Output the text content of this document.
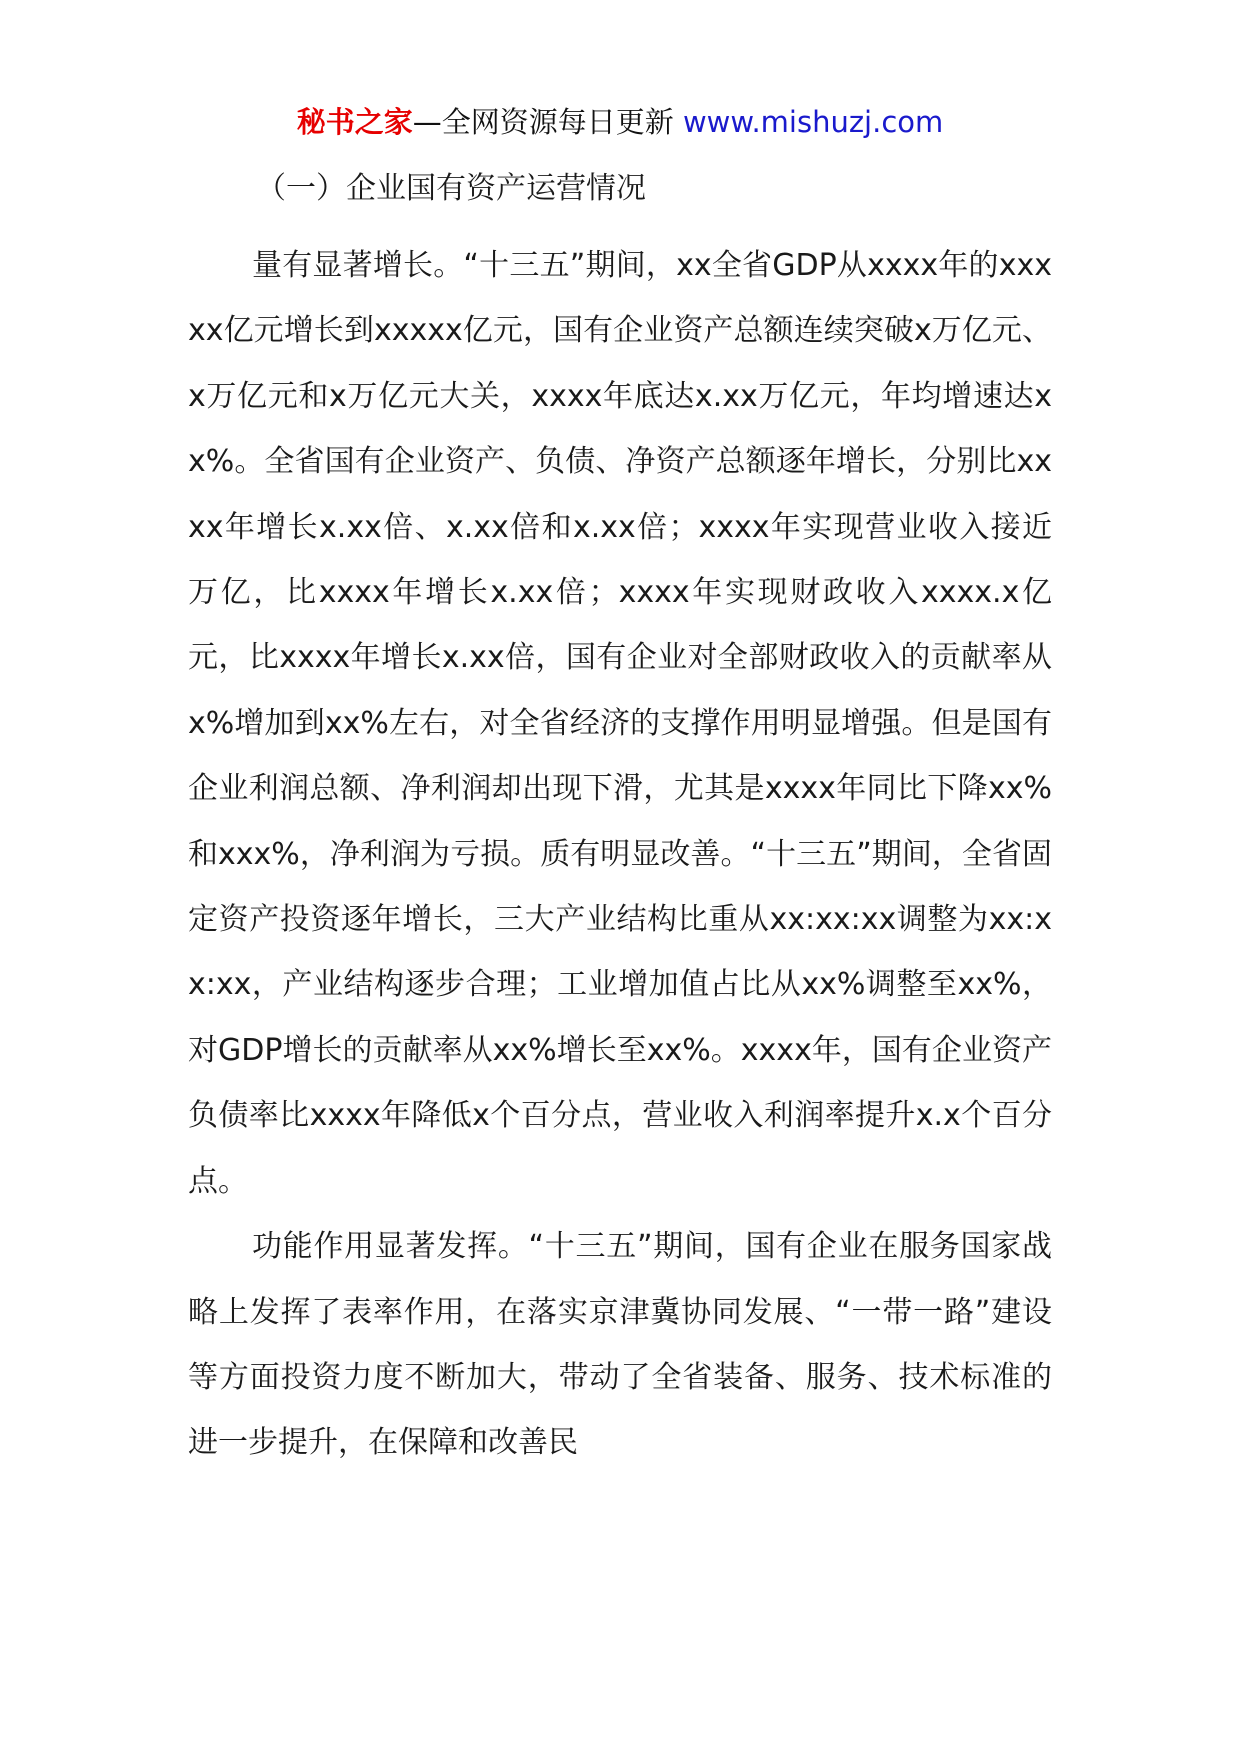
秘书之家—全网资源每日更新 www.mishuzj.com
（一）企业国有资产运营情况

量有显著增长。“十三五”期间，xx全省GDP从xxxx年的xxxxx亿元增长到xxxxx亿元，国有企业资产总额连续突破x万亿元、x万亿元和x万亿元大关，xxxx年底达x.xx万亿元，年均增速达xx%。全省国有企业资产、负债、净资产总额逐年增长，分别比xxxx年增长x.xx倍、x.xx倍和x.xx倍；xxxx年实现营业收入接近万亿，比xxxx年增长x.xx倍；xxxx年实现财政收入xxxx.x亿元，比xxxx年增长x.xx倍，国有企业对全部财政收入的贡献率从x%增加到xx%左右，对全省经济的支撑作用明显增强。但是国有企业利润总额、净利润却出现下滑，尤其是xxxx年同比下降xx%和xxx%，净利润为亏损。质有明显改善。“十三五”期间，全省固定资产投资逐年增长，三大产业结构比重从xx:xx:xx调整为xx:xx:xx，产业结构逐步合理；工业增加值占比从xx%调整至xx%，对GDP增长的贡献率从xx%增长至xx%。xxxx年，国有企业资产负债率比xxxx年降低x个百分点，营业收入利润率提升x.x个百分点。

功能作用显著发挥。“十三五”期间，国有企业在服务国家战略上发挥了表率作用，在落实京津冀协同发展、“一带一路”建设等方面投资力度不断加大，带动了全省装备、服务、技术标准的进一步提升，在保障和改善民
